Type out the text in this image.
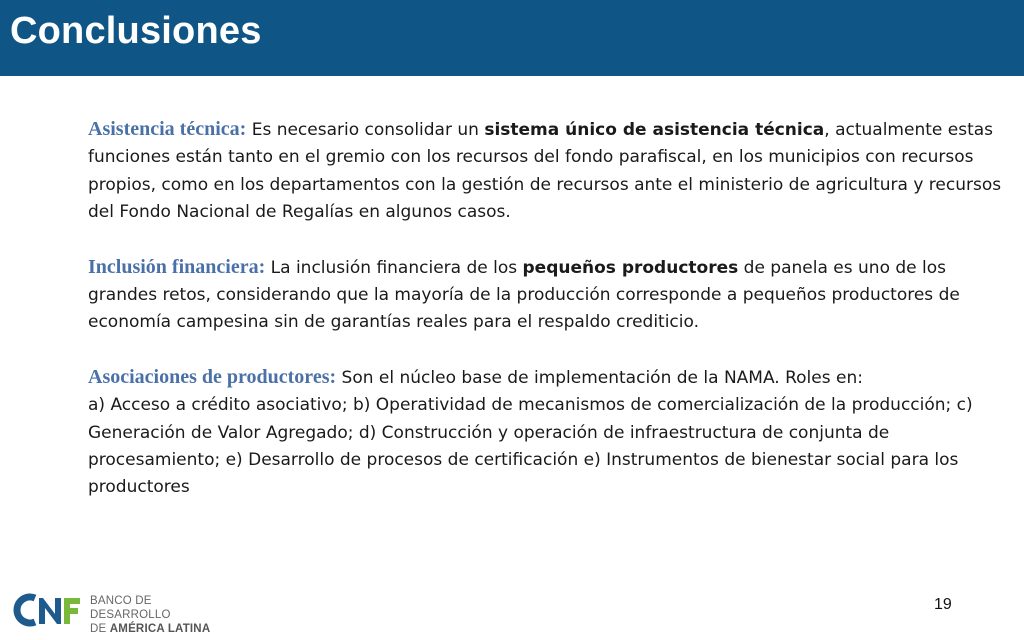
Conclusiones

Asistencia técnica: Es necesario consolidar un sistema único de asistencia técnica, actualmente estas funciones están tanto en el gremio con los recursos del fondo parafiscal, en los municipios con recursos propios, como en los departamentos con la gestión de recursos ante el ministerio de agricultura y recursos del Fondo Nacional de Regalías en algunos casos.

Inclusión financiera: La inclusión financiera de los pequeños productores de panela es uno de los grandes retos, considerando que la mayoría de la producción corresponde a pequeños productores de economía campesina sin de garantías reales para el respaldo crediticio.

Asociaciones de productores: Son el núcleo base de implementación de la NAMA. Roles en:
a) Acceso a crédito asociativo; b) Operatividad de mecanismos de comercialización de la producción; c) Generación de Valor Agregado; d) Construcción y operación de infraestructura de conjunta de procesamiento; e) Desarrollo de procesos de certificación e) Instrumentos de bienestar social para los productores

BANCO DE DESARROLLO
DE AMÉRICA LATINA
19
